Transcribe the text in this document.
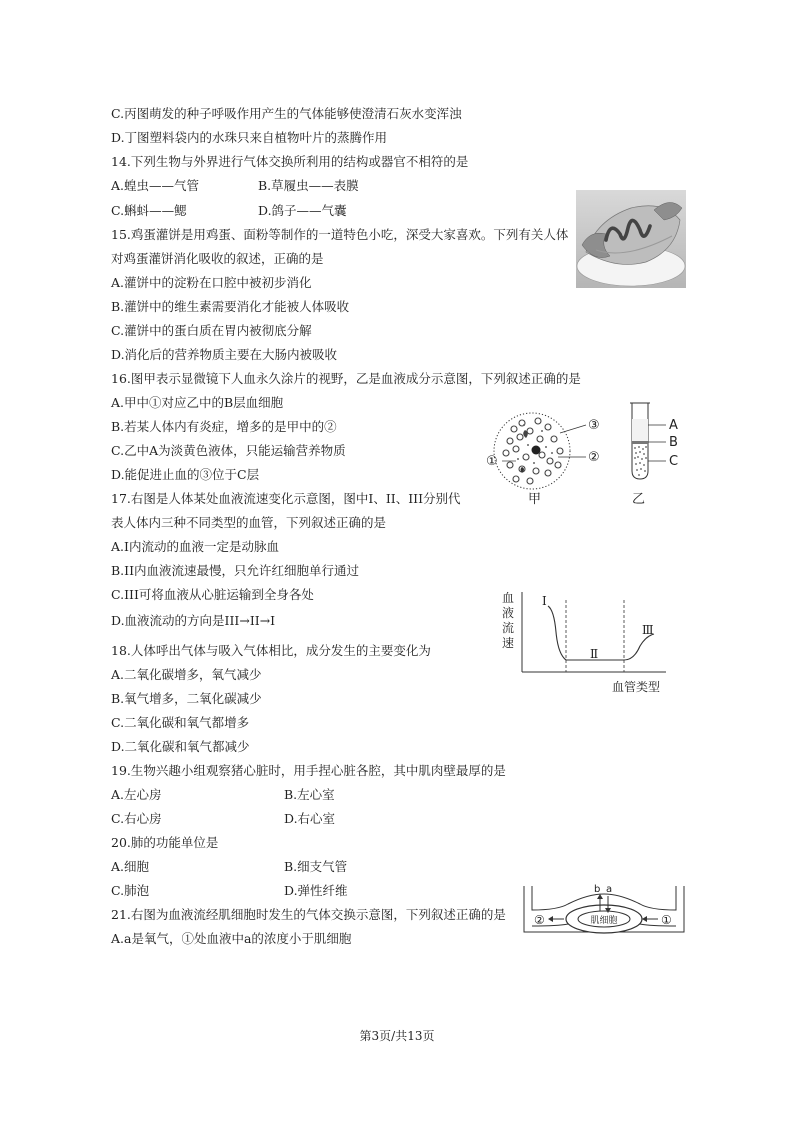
C.丙图萌发的种子呼吸作用产生的气体能够使澄清石灰水变浑浊
D.丁图塑料袋内的水珠只来自植物叶片的蒸腾作用
14.下列生物与外界进行气体交换所利用的结构或器官不相符的是
A.蝗虫——气管	B.草履虫——表膜
C.蝌蚪——鳃	D.鸽子——气囊
15.鸡蛋灌饼是用鸡蛋、面粉等制作的一道特色小吃，深受大家喜欢。下列有关人体
对鸡蛋灌饼消化吸收的叙述，正确的是
A.灌饼中的淀粉在口腔中被初步消化
B.灌饼中的维生素需要消化才能被人体吸收
C.灌饼中的蛋白质在胃内被彻底分解
D.消化后的营养物质主要在大肠内被吸收
16.图甲表示显微镜下人血永久涂片的视野，乙是血液成分示意图，下列叙述正确的是
A.甲中①对应乙中的B层血细胞
B.若某人体内有炎症，增多的是甲中的②
C.乙中A为淡黄色液体，只能运输营养物质
D.能促进止血的③位于C层
17.右图是人体某处血液流速变化示意图，图中I、II、III分别代
表人体内三种不同类型的血管，下列叙述正确的是
A.I内流动的血液一定是动脉血
B.II内血液流速最慢，只允许红细胞单行通过
C.III可将血液从心脏运输到全身各处
D.血液流动的方向是III→II→I
18.人体呼出气体与吸入气体相比，成分发生的主要变化为
A.二氧化碳增多，氧气减少
B.氧气增多，二氧化碳减少
C.二氧化碳和氧气都增多
D.二氧化碳和氧气都减少
19.生物兴趣小组观察猪心脏时，用手捏心脏各腔，其中肌肉壁最厚的是
A.左心房	B.左心室
C.右心房	D.右心室
20.肺的功能单位是
A.细胞	B.细支气管
C.肺泡	D.弹性纤维
21.右图为血液流经肌细胞时发生的气体交换示意图，下列叙述正确的是
A.a是氧气，①处血液中a的浓度小于肌细胞
③
②
①
甲
A
B
C
乙
血
液
流
速
I
Ⅱ
Ⅲ
血管类型
肌细胞
b a
①
②
第3页/共13页
